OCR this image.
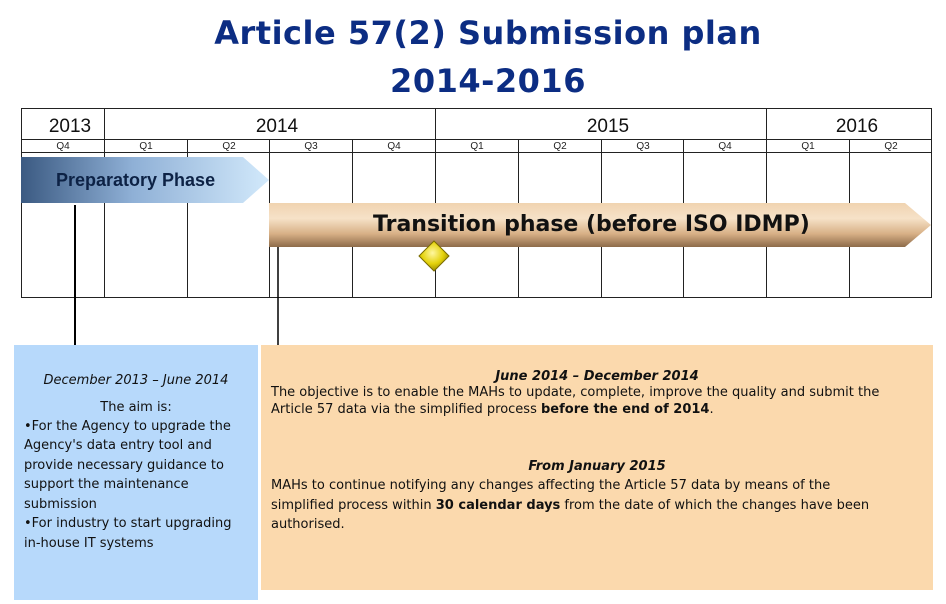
Article 57(2) Submission plan
2014-2016
2013	2014	2015	2016
Q4	Q1	Q2	Q3	Q4	Q1	Q2	Q3	Q4	Q1	Q2
Preparatory Phase
Transition phase (before ISO IDMP)
December 2013 – June 2014
The aim is:
•For the Agency to upgrade the
Agency's data entry tool and
provide necessary guidance to
support the maintenance
submission
•For industry to start upgrading
in-house IT systems
June 2014 – December 2014
The objective is to enable the MAHs to update, complete, improve the quality and submit the
Article 57 data via the simplified process before the end of 2014.
From January 2015
MAHs to continue notifying any changes affecting the Article 57 data by means of the
simplified process within 30 calendar days from the date of which the changes have been
authorised.
